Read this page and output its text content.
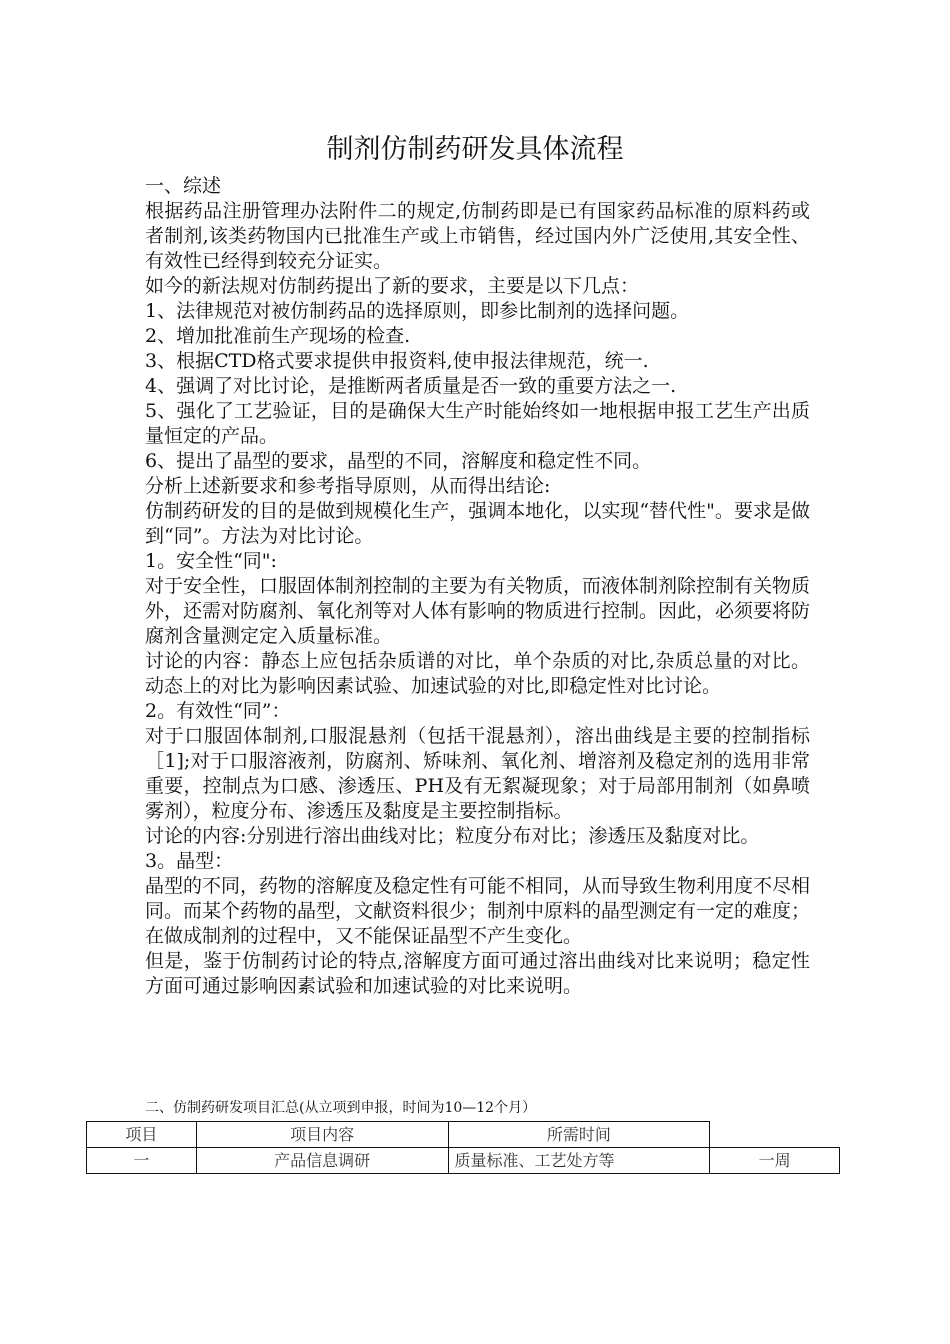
制剂仿制药研发具体流程

一、综述

根据药品注册管理办法附件二的规定,仿制药即是已有国家药品标准的原料药或者制剂,该类药物国内已批准生产或上市销售，经过国内外广泛使用,其安全性、有效性已经得到较充分证实。

如今的新法规对仿制药提出了新的要求，主要是以下几点：

1、法律规范对被仿制药品的选择原则，即参比制剂的选择问题。

2、增加批准前生产现场的检查.

3、根据CTD格式要求提供申报资料,使申报法律规范，统一.

4、强调了对比讨论，是推断两者质量是否一致的重要方法之一.

5、强化了工艺验证，目的是确保大生产时能始终如一地根据申报工艺生产出质量恒定的产品。

6、提出了晶型的要求，晶型的不同，溶解度和稳定性不同。

分析上述新要求和参考指导原则，从而得出结论:

仿制药研发的目的是做到规模化生产，强调本地化，以实现“替代性"。要求是做到“同”。方法为对比讨论。

1。安全性“同":

对于安全性，口服固体制剂控制的主要为有关物质，而液体制剂除控制有关物质外，还需对防腐剂、氧化剂等对人体有影响的物质进行控制。因此，必须要将防腐剂含量测定定入质量标准。

讨论的内容：静态上应包括杂质谱的对比，单个杂质的对比,杂质总量的对比。动态上的对比为影响因素试验、加速试验的对比,即稳定性对比讨论。

2。有效性“同”：

对于口服固体制剂,口服混悬剂（包括干混悬剂），溶出曲线是主要的控制指标［1];对于口服溶液剂，防腐剂、矫味剂、氧化剂、增溶剂及稳定剂的选用非常重要，控制点为口感、渗透压、PH及有无絮凝现象；对于局部用制剂（如鼻喷雾剂），粒度分布、渗透压及黏度是主要控制指标。

讨论的内容:分别进行溶出曲线对比；粒度分布对比；渗透压及黏度对比。

3。晶型：

晶型的不同，药物的溶解度及稳定性有可能不相同，从而导致生物利用度不尽相同。而某个药物的晶型，文献资料很少；制剂中原料的晶型测定有一定的难度；在做成制剂的过程中，又不能保证晶型不产生变化。

但是，鉴于仿制药讨论的特点,溶解度方面可通过溶出曲线对比来说明；稳定性方面可通过影响因素试验和加速试验的对比来说明。

二、仿制药研发项目汇总(从立项到申报，时间为10—12个月）
项目	项目内容	所需时间	
一	产品信息调研	质量标准、工艺处方等	一周
